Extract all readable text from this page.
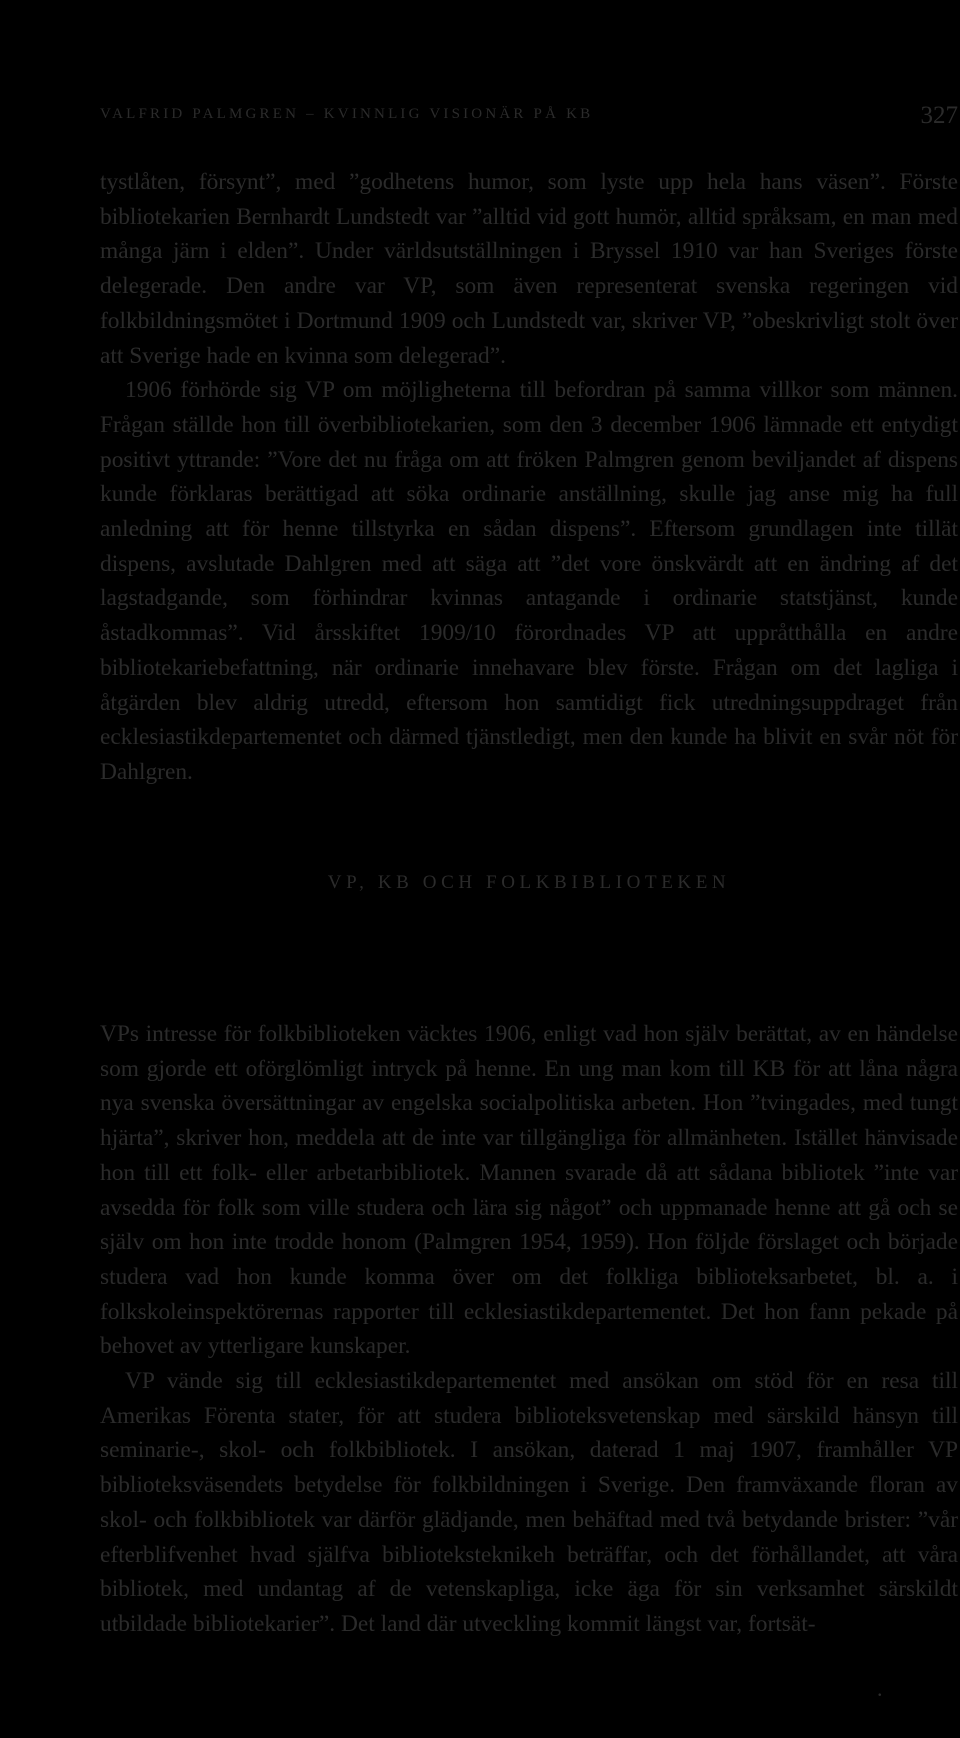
VALFRID PALMGREN – KVINNLIG VISIONÄR PÅ KB	327

tystlåten, försynt”, med ”godhetens humor, som lyste upp hela hans väsen”. Förste bibliotekarien Bernhardt Lundstedt var ”alltid vid gott humör, alltid språksam, en man med många järn i elden”. Under världsutställningen i Bryssel 1910 var han Sveriges förste delegerade. Den andre var VP, som även representerat svenska regeringen vid folkbildningsmötet i Dortmund 1909 och Lundstedt var, skriver VP, ”obeskrivligt stolt över att Sverige hade en kvinna som delegerad”.

1906 förhörde sig VP om möjligheterna till befordran på samma villkor som männen. Frågan ställde hon till överbibliotekarien, som den 3 december 1906 lämnade ett entydigt positivt yttrande: ”Vore det nu fråga om att fröken Palmgren genom beviljandet af dispens kunde förklaras berättigad att söka ordinarie anställning, skulle jag anse mig ha full anledning att för henne tillstyrka en sådan dispens”. Eftersom grundlagen inte tillät dispens, avslutade Dahlgren med att säga att ”det vore önskvärdt att en ändring af det lagstadgande, som förhindrar kvinnas antagande i ordinarie statstjänst, kunde åstadkommas”. Vid årsskiftet 1909/10 förordnades VP att uppråtthålla en andre bibliotekariebefattning, när ordinarie innehavare blev förste. Frågan om det lagliga i åtgärden blev aldrig utredd, eftersom hon samtidigt fick utredningsuppdraget från ecklesiastikdepartementet och därmed tjänstledigt, men den kunde ha blivit en svår nöt för Dahlgren.

VP, KB OCH FOLKBIBLIOTEKEN

VPs intresse för folkbiblioteken väcktes 1906, enligt vad hon själv berättat, av en händelse som gjorde ett oförglömligt intryck på henne. En ung man kom till KB för att låna några nya svenska översättningar av engelska socialpolitiska arbeten. Hon ”tvingades, med tungt hjärta”, skriver hon, meddela att de inte var tillgängliga för allmänheten. Istället hänvisade hon till ett folk- eller arbetarbibliotek. Mannen svarade då att sådana bibliotek ”inte var avsedda för folk som ville studera och lära sig något” och uppmanade henne att gå och se själv om hon inte trodde honom (Palmgren 1954, 1959). Hon följde förslaget och började studera vad hon kunde komma över om det folkliga biblioteksarbetet, bl. a. i folkskoleinspektörernas rapporter till ecklesiastikdepartementet. Det hon fann pekade på behovet av ytterligare kunskaper.

VP vände sig till ecklesiastikdepartementet med ansökan om stöd för en resa till Amerikas Förenta stater, för att studera biblioteksvetenskap med särskild hänsyn till seminarie-, skol- och folkbibliotek. I ansökan, daterad 1 maj 1907, framhåller VP biblioteksväsendets betydelse för folkbildningen i Sverige. Den framväxande floran av skol- och folkbibliotek var därför glädjande, men behäftad med två betydande brister: ”vår efterblifvenhet hvad själfva biblioteksteknikeh beträffar, och det förhållandet, att våra bibliotek, med undantag af de vetenskapliga, icke äga för sin verksamhet särskildt utbildade bibliotekarier”. Det land där utveckling kommit längst var, fortsät-

.
